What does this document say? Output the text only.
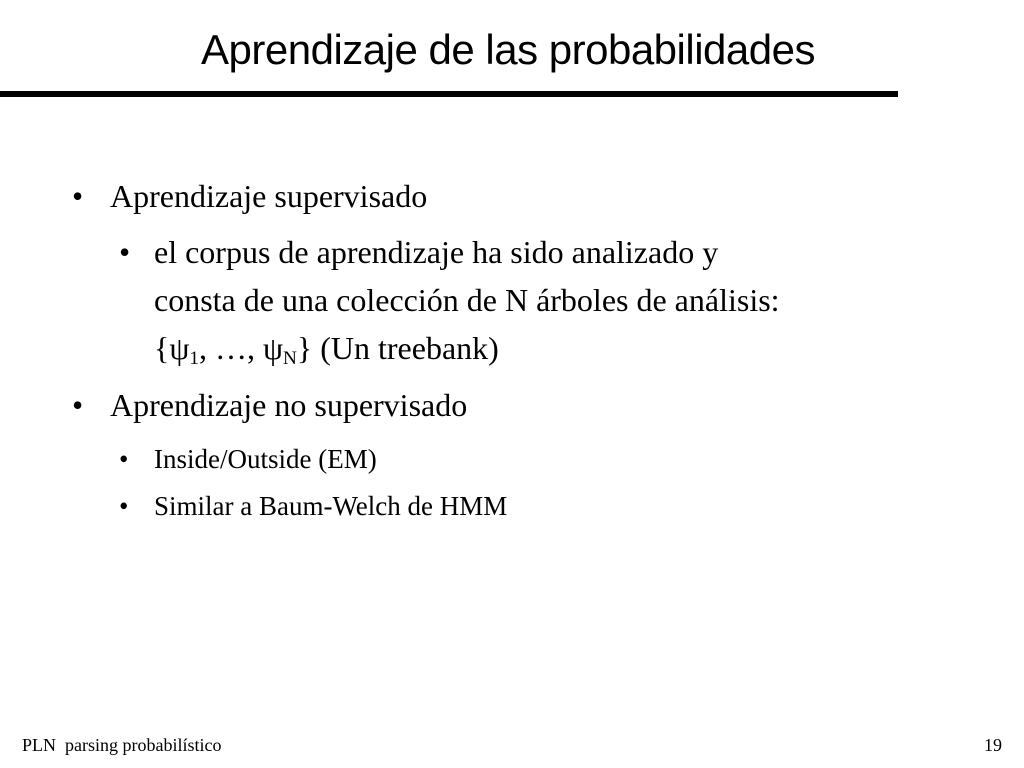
Aprendizaje de las probabilidades
• Aprendizaje supervisado
• el corpus de aprendizaje ha sido analizado y
consta de una colección de N árboles de análisis:
{$\psi_1$, …, $\psi_N$} (Un treebank)
• Aprendizaje no supervisado
• Inside/Outside (EM)
• Similar a Baum-Welch de HMM
PLN  parsing probabilístico	19
